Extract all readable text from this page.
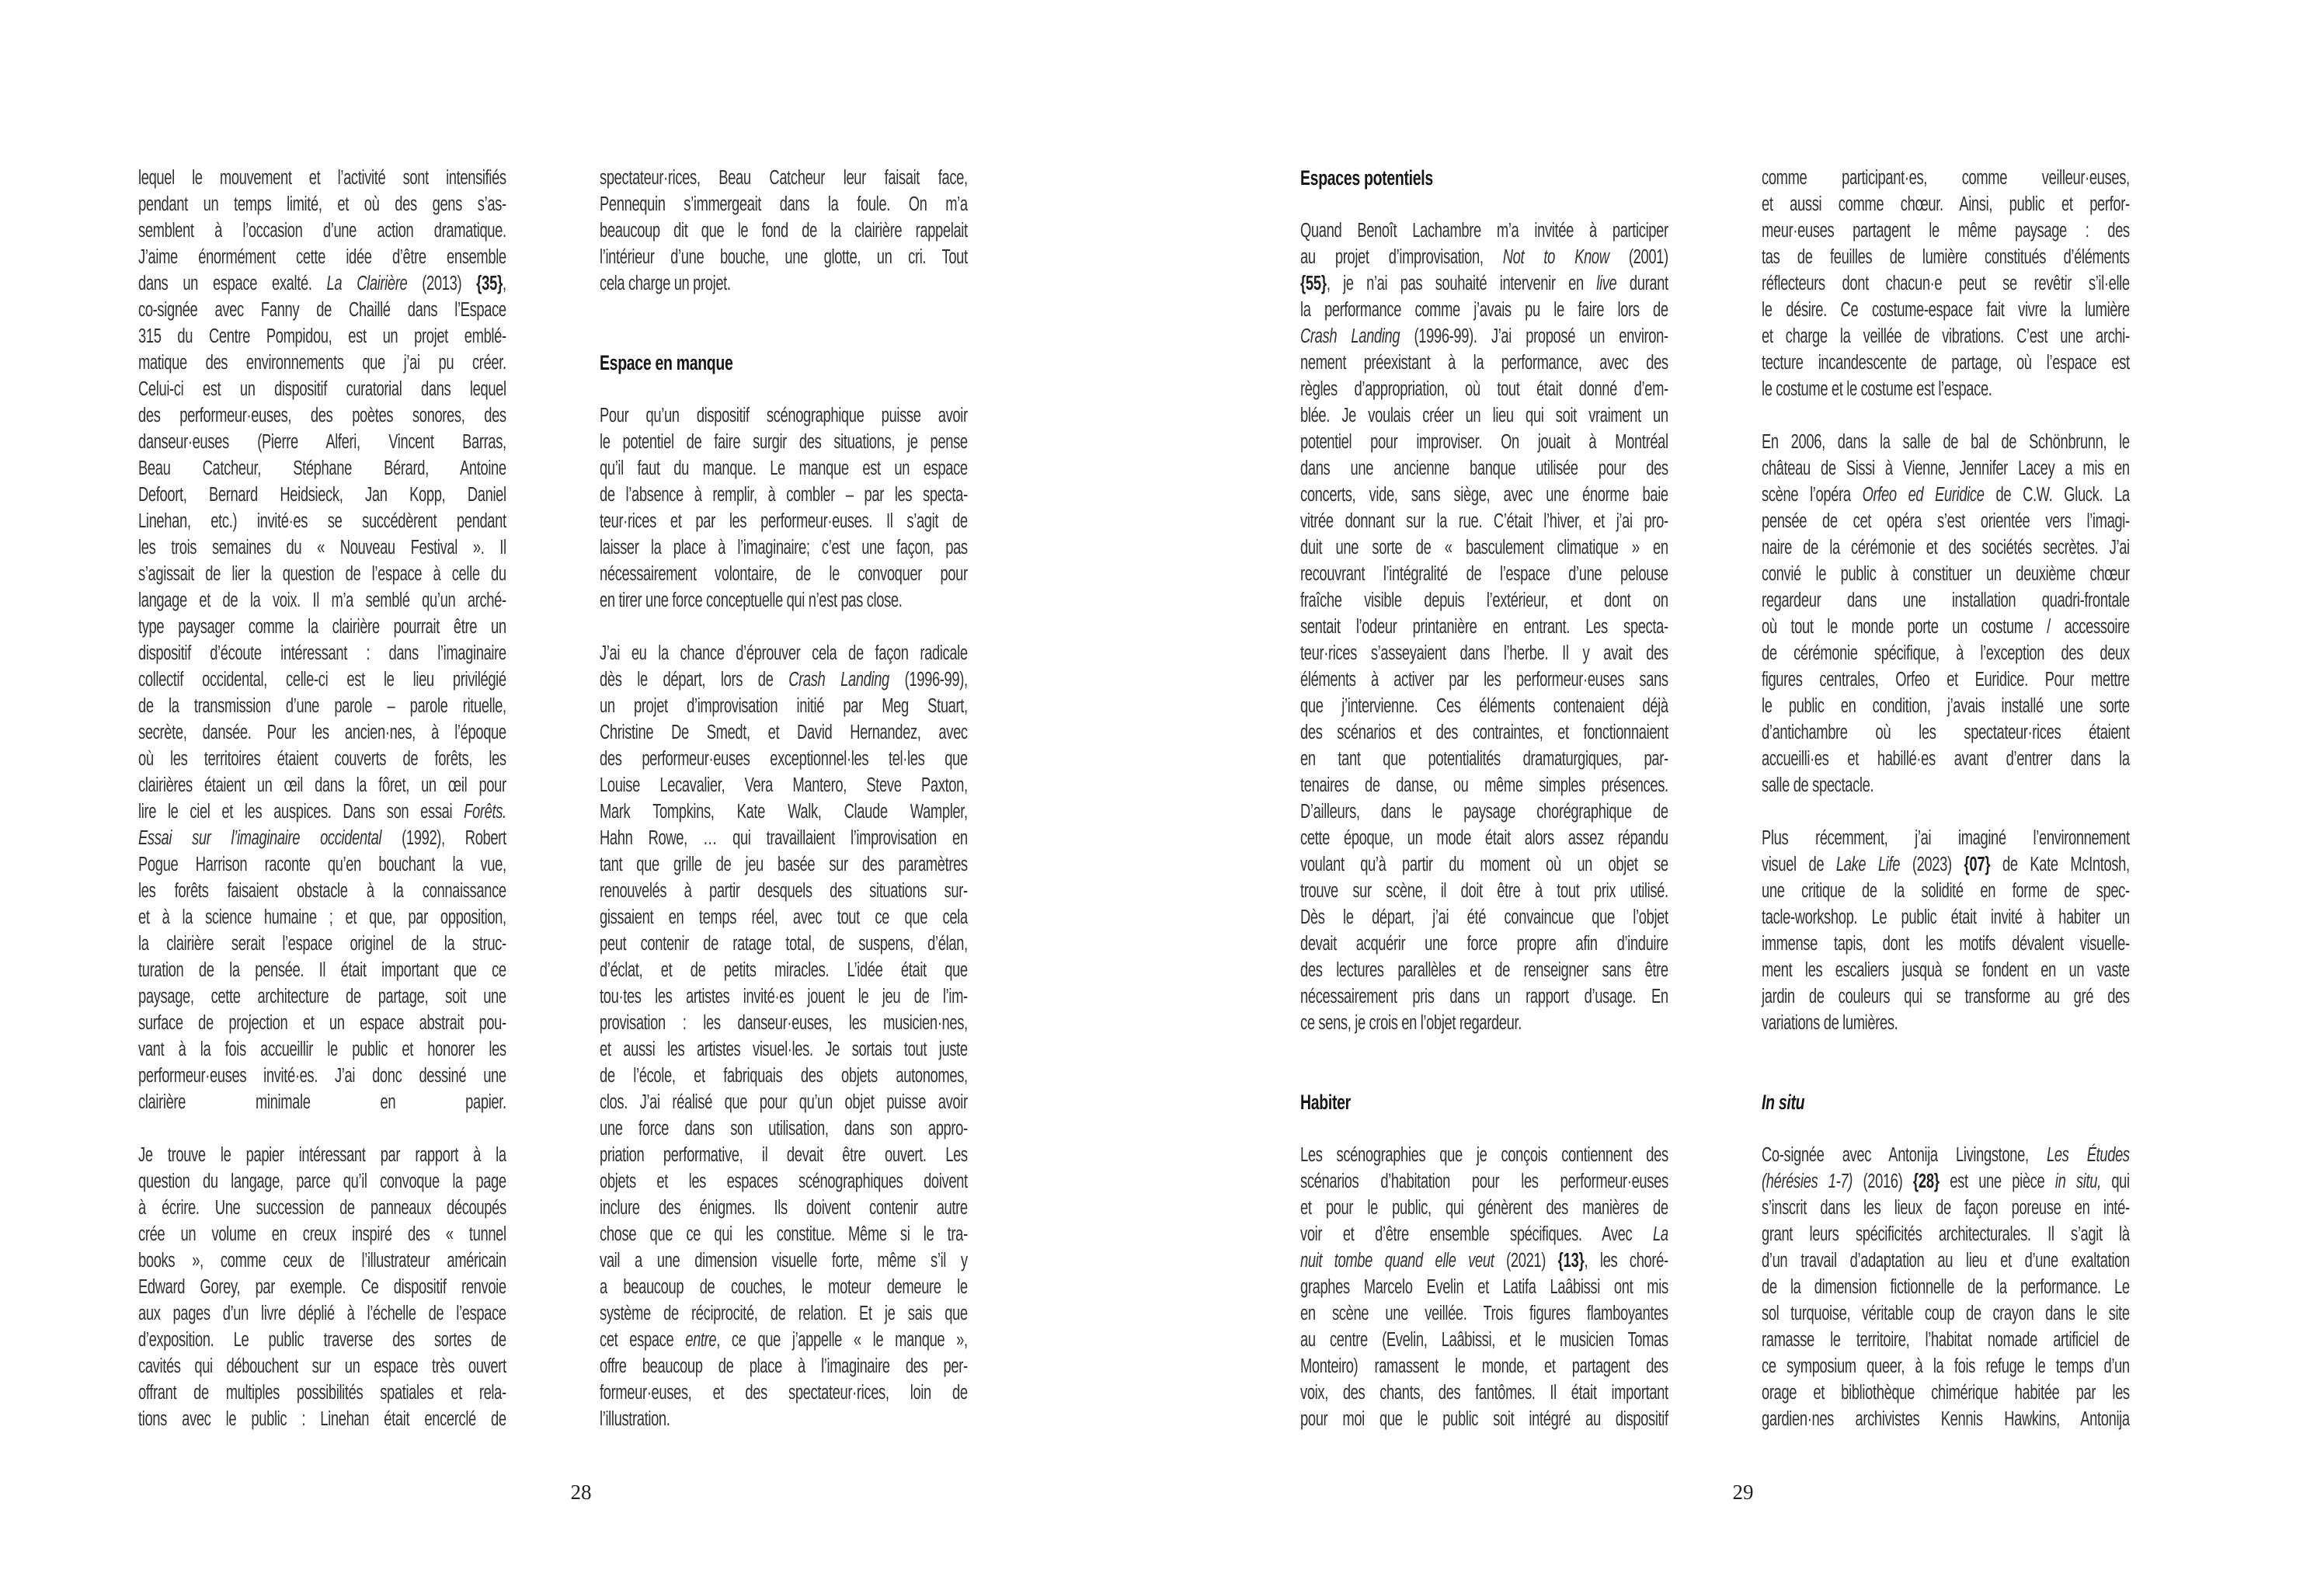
lequel le mouvement et l’activité sont intensifiés
pendant un temps limité, et où des gens s’as-
semblent à l’occasion d’une action dramatique.
J’aime énormément cette idée d’être ensemble
dans un espace exalté. La Clairière (2013) {35},
co-signée avec Fanny de Chaillé dans l’Espace
315 du Centre Pompidou, est un projet emblé-
matique des environnements que j’ai pu créer.
Celui-ci est un dispositif curatorial dans lequel
des performeur·euses, des poètes sonores, des
danseur·euses (Pierre Alferi, Vincent Barras,
Beau Catcheur, Stéphane Bérard, Antoine
Defoort, Bernard Heidsieck, Jan Kopp, Daniel
Linehan, etc.) invité·es se succédèrent pendant
les trois semaines du « Nouveau Festival ». Il
s’agissait de lier la question de l’espace à celle du
langage et de la voix. Il m’a semblé qu’un arché-
type paysager comme la clairière pourrait être un
dispositif d’écoute intéressant : dans l’imaginaire
collectif occidental, celle-ci est le lieu privilégié
de la transmission d’une parole – parole rituelle,
secrète, dansée. Pour les ancien·nes, à l’époque
où les territoires étaient couverts de forêts, les
clairières étaient un œil dans la fôret, un œil pour
lire le ciel et les auspices. Dans son essai Forêts.
Essai sur l’imaginaire occidental (1992), Robert
Pogue Harrison raconte qu’en bouchant la vue,
les forêts faisaient obstacle à la connaissance
et à la science humaine ; et que, par opposition,
la clairière serait l’espace originel de la struc-
turation de la pensée. Il était important que ce
paysage, cette architecture de partage, soit une
surface de projection et un espace abstrait pou-
vant à la fois accueillir le public et honorer les
performeur·euses invité·es. J’ai donc dessiné une
clairière minimale en papier.
Je trouve le papier intéressant par rapport à la
question du langage, parce qu’il convoque la page
à écrire. Une succession de panneaux découpés
crée un volume en creux inspiré des « tunnel
books », comme ceux de l’illustrateur américain
Edward Gorey, par exemple. Ce dispositif renvoie
aux pages d’un livre déplié à l’échelle de l’espace
d’exposition. Le public traverse des sortes de
cavités qui débouchent sur un espace très ouvert
offrant de multiples possibilités spatiales et rela-
tions avec le public : Linehan était encerclé de
spectateur·rices, Beau Catcheur leur faisait face,
Pennequin s’immergeait dans la foule. On m’a
beaucoup dit que le fond de la clairière rappelait
l’intérieur d’une bouche, une glotte, un cri. Tout
cela charge un projet.
Espace en manque
Pour qu’un dispositif scénographique puisse avoir
le potentiel de faire surgir des situations, je pense
qu’il faut du manque. Le manque est un espace
de l’absence à remplir, à combler – par les specta-
teur·rices et par les performeur·euses. Il s’agit de
laisser la place à l’imaginaire; c’est une façon, pas
nécessairement volontaire, de le convoquer pour
en tirer une force conceptuelle qui n’est pas close.
J’ai eu la chance d’éprouver cela de façon radicale
dès le départ, lors de Crash Landing (1996-99),
un projet d’improvisation initié par Meg Stuart,
Christine De Smedt, et David Hernandez, avec
des performeur·euses exceptionnel·les tel·les que
Louise Lecavalier, Vera Mantero, Steve Paxton,
Mark Tompkins, Kate Walk, Claude Wampler,
Hahn Rowe, … qui travaillaient l’improvisation en
tant que grille de jeu basée sur des paramètres
renouvelés à partir desquels des situations sur-
gissaient en temps réel, avec tout ce que cela
peut contenir de ratage total, de suspens, d’élan,
d’éclat, et de petits miracles. L’idée était que
tou·tes les artistes invité·es jouent le jeu de l’im-
provisation : les danseur·euses, les musicien·nes,
et aussi les artistes visuel·les. Je sortais tout juste
de l’école, et fabriquais des objets autonomes,
clos. J’ai réalisé que pour qu’un objet puisse avoir
une force dans son utilisation, dans son appro-
priation performative, il devait être ouvert. Les
objets et les espaces scénographiques doivent
inclure des énigmes. Ils doivent contenir autre
chose que ce qui les constitue. Même si le tra-
vail a une dimension visuelle forte, même s’il y
a beaucoup de couches, le moteur demeure le
système de réciprocité, de relation. Et je sais que
cet espace entre, ce que j’appelle « le manque »,
offre beaucoup de place à l’imaginaire des per-
formeur·euses, et des spectateur·rices, loin de
l’illustration.
Espaces potentiels
Quand Benoît Lachambre m’a invitée à participer
au projet d’improvisation, Not to Know (2001)
{55}, je n’ai pas souhaité intervenir en live durant
la performance comme j’avais pu le faire lors de
Crash Landing (1996-99). J’ai proposé un environ-
nement préexistant à la performance, avec des
règles d’appropriation, où tout était donné d’em-
blée. Je voulais créer un lieu qui soit vraiment un
potentiel pour improviser. On jouait à Montréal
dans une ancienne banque utilisée pour des
concerts, vide, sans siège, avec une énorme baie
vitrée donnant sur la rue. C’était l’hiver, et j’ai pro-
duit une sorte de « basculement climatique » en
recouvrant l’intégralité de l’espace d’une pelouse
fraîche visible depuis l’extérieur, et dont on
sentait l’odeur printanière en entrant. Les specta-
teur·rices s’asseyaient dans l’herbe. Il y avait des
éléments à activer par les performeur·euses sans
que j’intervienne. Ces éléments contenaient déjà
des scénarios et des contraintes, et fonctionnaient
en tant que potentialités dramaturgiques, par-
tenaires de danse, ou même simples présences.
D’ailleurs, dans le paysage chorégraphique de
cette époque, un mode était alors assez répandu
voulant qu’à partir du moment où un objet se
trouve sur scène, il doit être à tout prix utilisé.
Dès le départ, j’ai été convaincue que l’objet
devait acquérir une force propre afin d’induire
des lectures parallèles et de renseigner sans être
nécessairement pris dans un rapport d’usage. En
ce sens, je crois en l’objet regardeur.
Habiter
Les scénographies que je conçois contiennent des
scénarios d’habitation pour les performeur·euses
et pour le public, qui génèrent des manières de
voir et d’être ensemble spécifiques. Avec La
nuit tombe quand elle veut (2021) {13}, les choré-
graphes Marcelo Evelin et Latifa Laâbissi ont mis
en scène une veillée. Trois figures flamboyantes
au centre (Evelin, Laâbissi, et le musicien Tomas
Monteiro) ramassent le monde, et partagent des
voix, des chants, des fantômes. Il était important
pour moi que le public soit intégré au dispositif
comme participant·es, comme veilleur·euses,
et aussi comme chœur. Ainsi, public et perfor-
meur·euses partagent le même paysage : des
tas de feuilles de lumière constitués d’éléments
réflecteurs dont chacun·e peut se revêtir s’il·elle
le désire. Ce costume-espace fait vivre la lumière
et charge la veillée de vibrations. C’est une archi-
tecture incandescente de partage, où l’espace est
le costume et le costume est l’espace.
En 2006, dans la salle de bal de Schönbrunn, le
château de Sissi à Vienne, Jennifer Lacey a mis en
scène l’opéra Orfeo ed Euridice de C.W. Gluck. La
pensée de cet opéra s’est orientée vers l’imagi-
naire de la cérémonie et des sociétés secrètes. J’ai
convié le public à constituer un deuxième chœur
regardeur dans une installation quadri-frontale
où tout le monde porte un costume / accessoire
de cérémonie spécifique, à l’exception des deux
figures centrales, Orfeo et Euridice. Pour mettre
le public en condition, j’avais installé une sorte
d’antichambre où les spectateur·rices étaient
accueilli·es et habillé·es avant d’entrer dans la
salle de spectacle.
Plus récemment, j’ai imaginé l’environnement
visuel de Lake Life (2023) {07} de Kate McIntosh,
une critique de la solidité en forme de spec-
tacle-workshop. Le public était invité à habiter un
immense tapis, dont les motifs dévalent visuelle-
ment les escaliers jusquà se fondent en un vaste
jardin de couleurs qui se transforme au gré des
variations de lumières.
In situ
Co-signée avec Antonija Livingstone, Les Études
(hérésies 1-7) (2016) {28} est une pièce in situ, qui
s’inscrit dans les lieux de façon poreuse en inté-
grant leurs spécificités architecturales. Il s’agit là
d’un travail d’adaptation au lieu et d’une exaltation
de la dimension fictionnelle de la performance. Le
sol turquoise, véritable coup de crayon dans le site
ramasse le territoire, l’habitat nomade artificiel de
ce symposium queer, à la fois refuge le temps d’un
orage et bibliothèque chimérique habitée par les
gardien·nes archivistes Kennis Hawkins, Antonija
28	29
